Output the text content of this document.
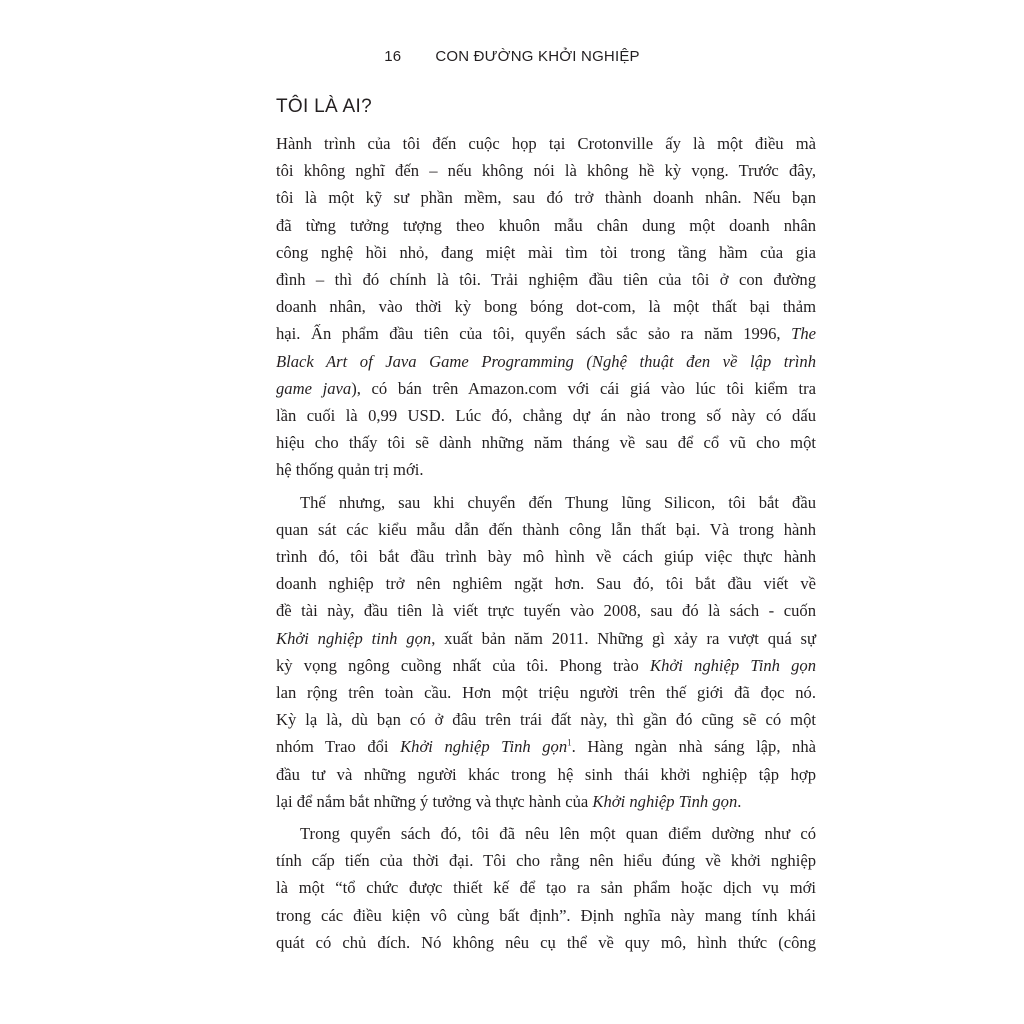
16 CON ĐƯỜNG KHỞI NGHIỆP
TÔI LÀ AI?

Hành trình của tôi đến cuộc họp tại Crotonville ấy là một điều mà
tôi không nghĩ đến – nếu không nói là không hề kỳ vọng. Trước đây,
tôi là một kỹ sư phần mềm, sau đó trở thành doanh nhân. Nếu bạn
đã từng tưởng tượng theo khuôn mẫu chân dung một doanh nhân
công nghệ hồi nhỏ, đang miệt mài tìm tòi trong tầng hầm của gia
đình – thì đó chính là tôi. Trải nghiệm đầu tiên của tôi ở con đường
doanh nhân, vào thời kỳ bong bóng dot-com, là một thất bại thảm
hại. Ấn phẩm đầu tiên của tôi, quyển sách sắc sảo ra năm 1996, The
Black Art of Java Game Programming (Nghệ thuật đen về lập trình
game java), có bán trên Amazon.com với cái giá vào lúc tôi kiểm tra
lần cuối là 0,99 USD. Lúc đó, chẳng dự án nào trong số này có dấu
hiệu cho thấy tôi sẽ dành những năm tháng về sau để cổ vũ cho một
hệ thống quản trị mới.

Thế nhưng, sau khi chuyển đến Thung lũng Silicon, tôi bắt đầu
quan sát các kiểu mẫu dẫn đến thành công lẫn thất bại. Và trong hành
trình đó, tôi bắt đầu trình bày mô hình về cách giúp việc thực hành
doanh nghiệp trở nên nghiêm ngặt hơn. Sau đó, tôi bắt đầu viết về
đề tài này, đầu tiên là viết trực tuyến vào 2008, sau đó là sách - cuốn
Khởi nghiệp tinh gọn, xuất bản năm 2011. Những gì xảy ra vượt quá sự
kỳ vọng ngông cuồng nhất của tôi. Phong trào Khởi nghiệp Tinh gọn
lan rộng trên toàn cầu. Hơn một triệu người trên thế giới đã đọc nó.
Kỳ lạ là, dù bạn có ở đâu trên trái đất này, thì gần đó cũng sẽ có một
nhóm Trao đổi Khởi nghiệp Tinh gọn$^1$. Hàng ngàn nhà sáng lập, nhà
đầu tư và những người khác trong hệ sinh thái khởi nghiệp tập hợp
lại để nắm bắt những ý tưởng và thực hành của Khởi nghiệp Tinh gọn.

Trong quyển sách đó, tôi đã nêu lên một quan điểm dường như có
tính cấp tiến của thời đại. Tôi cho rằng nên hiểu đúng về khởi nghiệp
là một “tổ chức được thiết kế để tạo ra sản phẩm hoặc dịch vụ mới
trong các điều kiện vô cùng bất định”. Định nghĩa này mang tính khái
quát có chủ đích. Nó không nêu cụ thể về quy mô, hình thức (công
